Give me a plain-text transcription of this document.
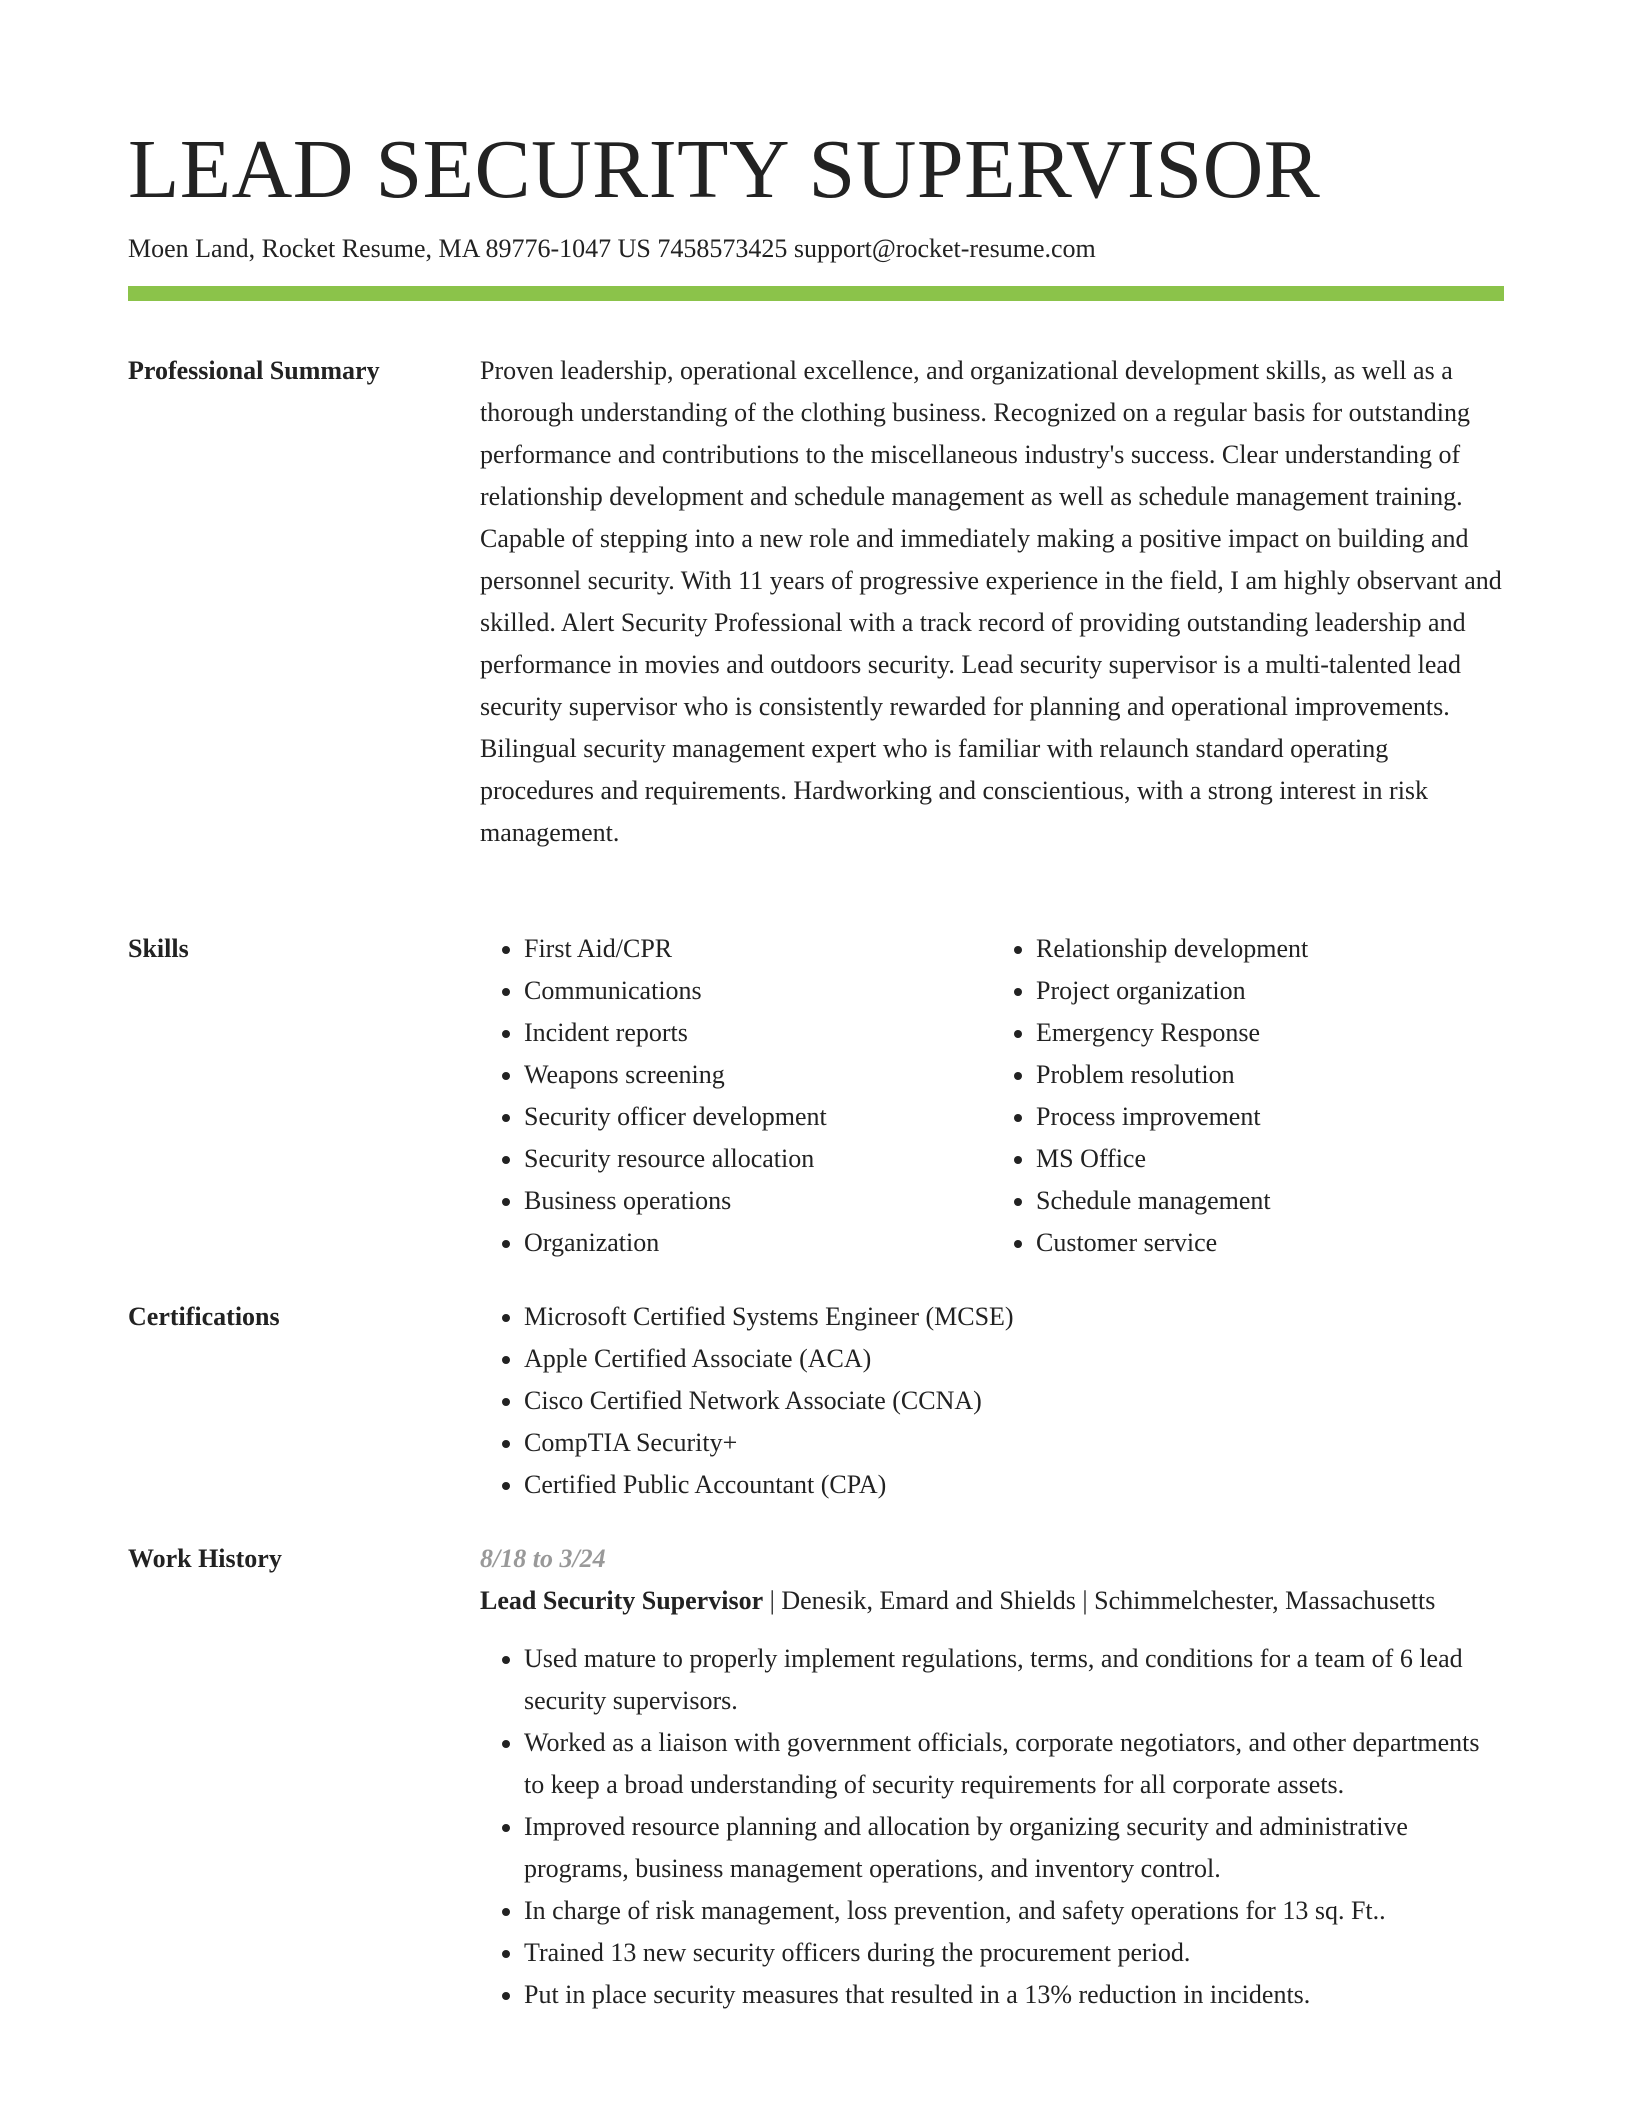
LEAD SECURITY SUPERVISOR
Moen Land, Rocket Resume, MA 89776-1047 US 7458573425 support@rocket-resume.com
Professional Summary	Proven leadership, operational excellence, and organizational development skills, as well as a thorough understanding of the clothing business. Recognized on a regular basis for outstanding performance and contributions to the miscellaneous industry's success. Clear understanding of relationship development and schedule management as well as schedule management training. Capable of stepping into a new role and immediately making a positive impact on building and personnel security. With 11 years of progressive experience in the field, I am highly observant and skilled. Alert Security Professional with a track record of providing outstanding leadership and performance in movies and outdoors security. Lead security supervisor is a multi-talented lead security supervisor who is consistently rewarded for planning and operational improvements. Bilingual security management expert who is familiar with relaunch standard operating procedures and requirements. Hardworking and conscientious, with a strong interest in risk management.

Skills	• First Aid/CPR
• Communications
• Incident reports
• Weapons screening
• Security officer development
• Security resource allocation
• Business operations
• Organization
• Relationship development
• Project organization
• Emergency Response
• Problem resolution
• Process improvement
• MS Office
• Schedule management
• Customer service
Certifications	• Microsoft Certified Systems Engineer (MCSE)
• Apple Certified Associate (ACA)
• Cisco Certified Network Associate (CCNA)
• CompTIA Security+
• Certified Public Accountant (CPA)
Work History	8/18 to 3/24

Lead Security Supervisor | Denesik, Emard and Shields | Schimmelchester, Massachusetts

• Used mature to properly implement regulations, terms, and conditions for a team of 6 lead security supervisors.
• Worked as a liaison with government officials, corporate negotiators, and other departments to keep a broad understanding of security requirements for all corporate assets.
• Improved resource planning and allocation by organizing security and administrative programs, business management operations, and inventory control.
• In charge of risk management, loss prevention, and safety operations for 13 sq. Ft..
• Trained 13 new security officers during the procurement period.
• Put in place security measures that resulted in a 13% reduction in incidents.
